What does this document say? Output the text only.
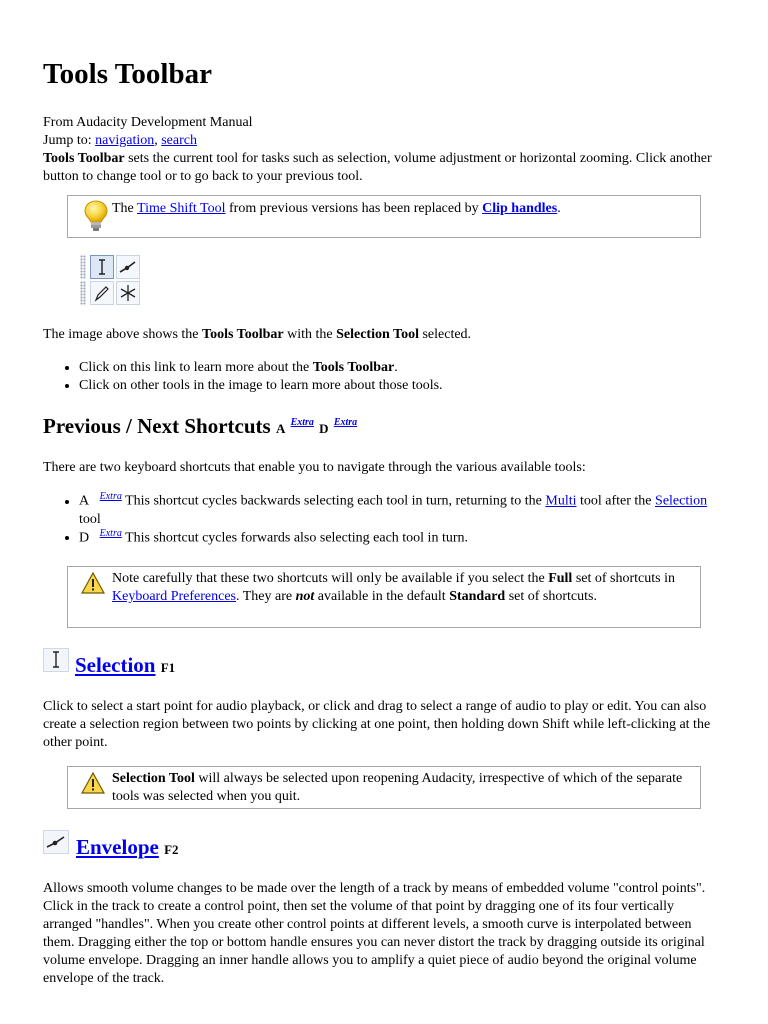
Tools Toolbar
From Audacity Development Manual
Jump to: navigation, search
Tools Toolbar sets the current tool for tasks such as selection, volume adjustment or horizontal zooming. Click another button to change tool or to go back to your previous tool.
The Time Shift Tool from previous versions has been replaced by Clip handles.
The image above shows the Tools Toolbar with the Selection Tool selected.
• Click on this link to learn more about the Tools Toolbar.
• Click on other tools in the image to learn more about those tools.
Previous / Next Shortcuts A $^{Extra}$ D $^{Extra}$
There are two keyboard shortcuts that enable you to navigate through the various available tools:
• A $^{Extra}$ This shortcut cycles backwards selecting each tool in turn, returning to the Multi tool after the Selection tool
• D $^{Extra}$ This shortcut cycles forwards also selecting each tool in turn.
Note carefully that these two shortcuts will only be available if you select the Full set of shortcuts in Keyboard Preferences. They are not available in the default Standard set of shortcuts.
Selection F1
Click to select a start point for audio playback, or click and drag to select a range of audio to play or edit. You can also create a selection region between two points by clicking at one point, then holding down Shift while left-clicking at the other point.
Selection Tool will always be selected upon reopening Audacity, irrespective of which of the separate tools was selected when you quit.
Envelope F2
Allows smooth volume changes to be made over the length of a track by means of embedded volume "control points". Click in the track to create a control point, then set the volume of that point by dragging one of its four vertically arranged "handles". When you create other control points at different levels, a smooth curve is interpolated between them. Dragging either the top or bottom handle ensures you can never distort the track by dragging outside its original volume envelope. Dragging an inner handle allows you to amplify a quiet piece of audio beyond the original volume envelope of the track.
